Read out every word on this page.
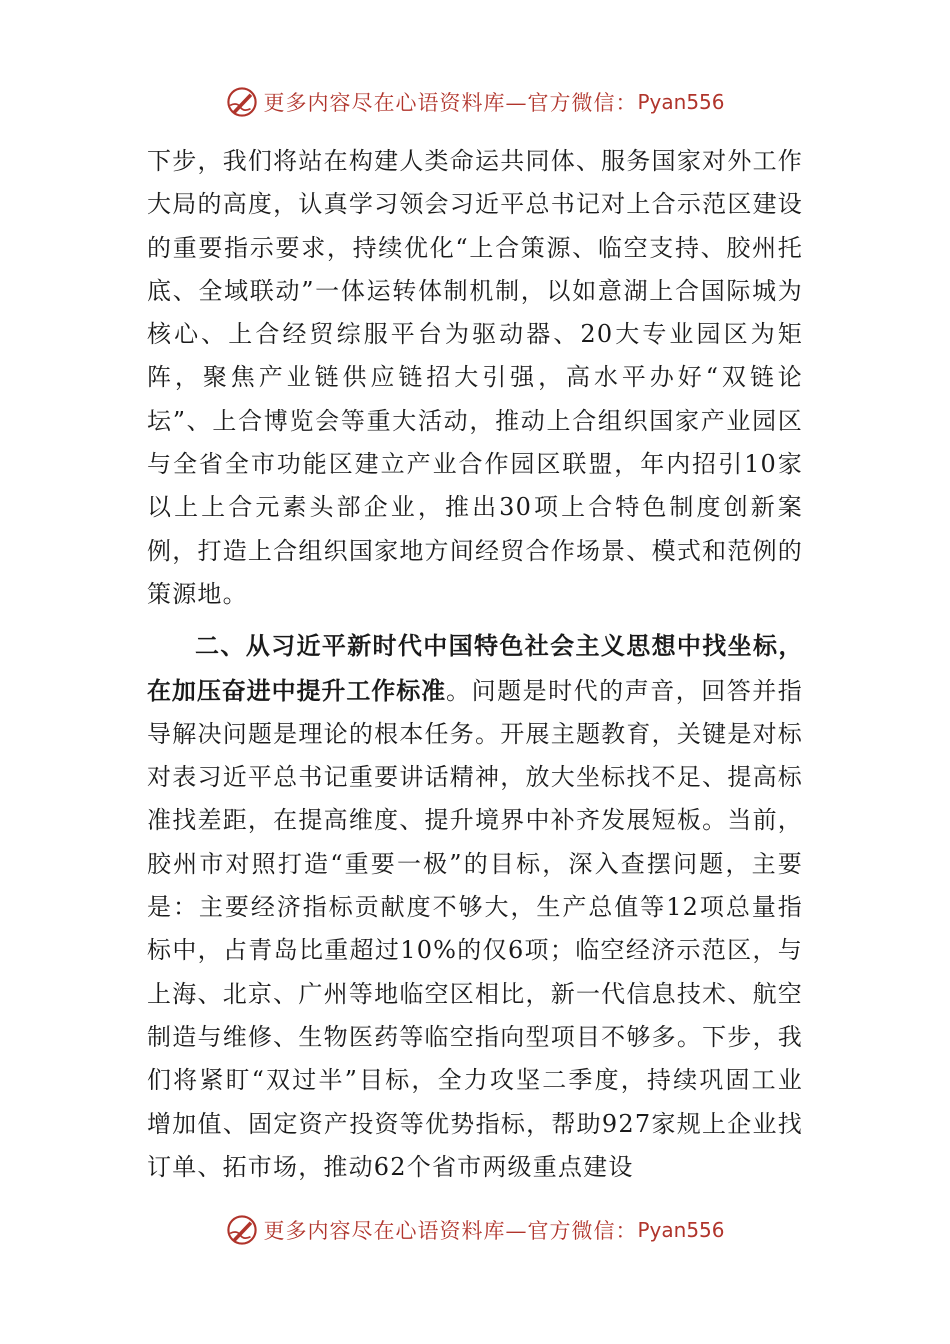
更多内容尽在心语资料库—官方微信： Pyan556

下步，我们将站在构建人类命运共同体、服务国家对外工作大局的高度，认真学习领会习近平总书记对上合示范区建设的重要指示要求，持续优化“上合策源、临空支持、胶州托底、全域联动”一体运转体制机制，以如意湖上合国际城为核心、上合经贸综服平台为驱动器、20大专业园区为矩阵，聚焦产业链供应链招大引强，高水平办好“双链论坛”、上合博览会等重大活动，推动上合组织国家产业园区与全省全市功能区建立产业合作园区联盟，年内招引10家以上上合元素头部企业，推出30项上合特色制度创新案例，打造上合组织国家地方间经贸合作场景、模式和范例的策源地。

二、从习近平新时代中国特色社会主义思想中找坐标，在加压奋进中提升工作标准。问题是时代的声音，回答并指导解决问题是理论的根本任务。开展主题教育，关键是对标对表习近平总书记重要讲话精神，放大坐标找不足、提高标准找差距，在提高维度、提升境界中补齐发展短板。当前，胶州市对照打造“重要一极”的目标，深入查摆问题，主要是：主要经济指标贡献度不够大，生产总值等12项总量指标中，占青岛比重超过10%的仅6项；临空经济示范区，与上海、北京、广州等地临空区相比，新一代信息技术、航空制造与维修、生物医药等临空指向型项目不够多。下步，我们将紧盯“双过半”目标，全力攻坚二季度，持续巩固工业增加值、固定资产投资等优势指标，帮助927家规上企业找订单、拓市场，推动62个省市两级重点建设

更多内容尽在心语资料库—官方微信： Pyan556
